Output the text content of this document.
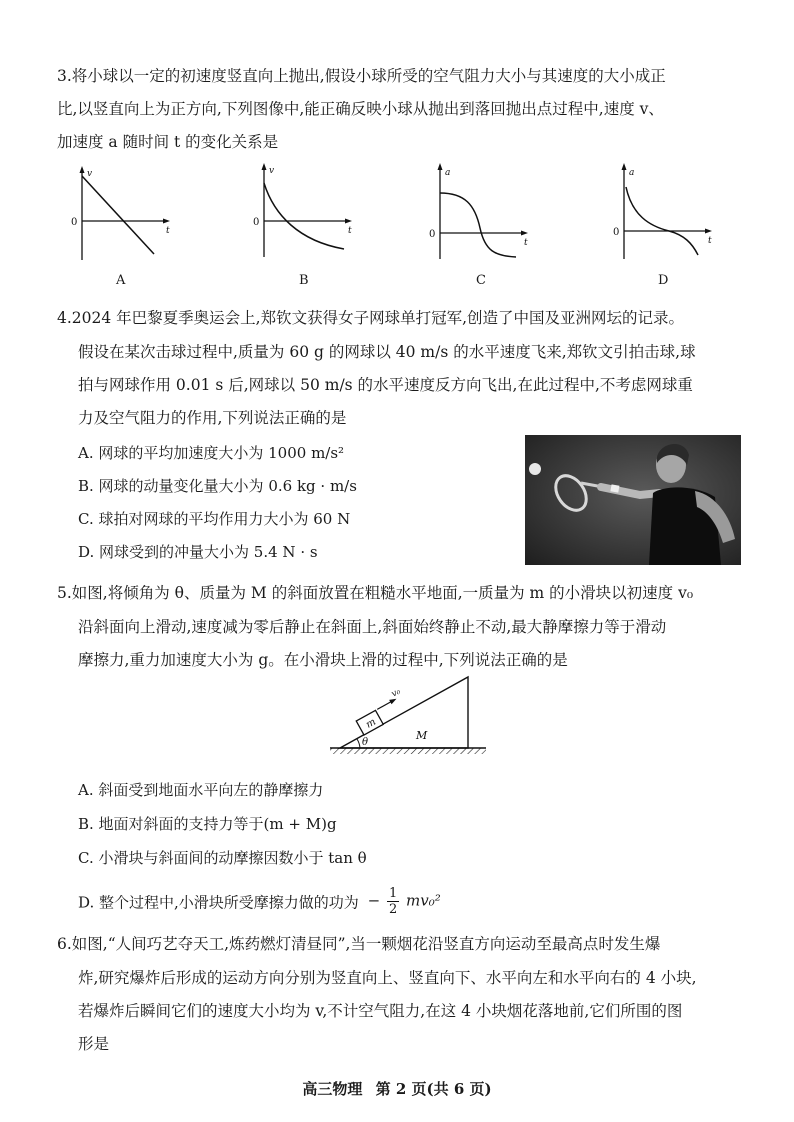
3.将小球以一定的初速度竖直向上抛出,假设小球所受的空气阻力大小与其速度的大小成正
比,以竖直向上为正方向,下列图像中,能正确反映小球从抛出到落回抛出点过程中,速度 v、
加速度 a 随时间 t 的变化关系是
v
t
0
A
v
t
0
B
a
t
0
C
a
t
0
D
4.2024 年巴黎夏季奥运会上,郑钦文获得女子网球单打冠军,创造了中国及亚洲网坛的记录。
假设在某次击球过程中,质量为 60 g 的网球以 40 m/s 的水平速度飞来,郑钦文引拍击球,球
拍与网球作用 0.01 s 后,网球以 50 m/s 的水平速度反方向飞出,在此过程中,不考虑网球重
力及空气阻力的作用,下列说法正确的是
A. 网球的平均加速度大小为 1000 m/s²
B. 网球的动量变化量大小为 0.6 kg · m/s
C. 球拍对网球的平均作用力大小为 60 N
D. 网球受到的冲量大小为 5.4 N · s
5.如图,将倾角为 θ、质量为 M 的斜面放置在粗糙水平地面,一质量为 m 的小滑块以初速度 v₀
沿斜面向上滑动,速度减为零后静止在斜面上,斜面始终静止不动,最大静摩擦力等于滑动
摩擦力,重力加速度大小为 g。在小滑块上滑的过程中,下列说法正确的是
m
v₀
θ
M
A. 斜面受到地面水平向左的静摩擦力
B. 地面对斜面的支持力等于(m + M)g
C. 小滑块与斜面间的动摩擦因数小于 tan θ
D. 整个过程中,小滑块所受摩擦力做的功为 − $\frac{1}{2} mv_0^2$
6.如图,“人间巧艺夺天工,炼药燃灯清昼同”,当一颗烟花沿竖直方向运动至最高点时发生爆
炸,研究爆炸后形成的运动方向分别为竖直向上、竖直向下、水平向左和水平向右的 4 小块,
若爆炸后瞬间它们的速度大小均为 v,不计空气阻力,在这 4 小块烟花落地前,它们所围的图
形是
高三物理 第 2 页(共 6 页)
